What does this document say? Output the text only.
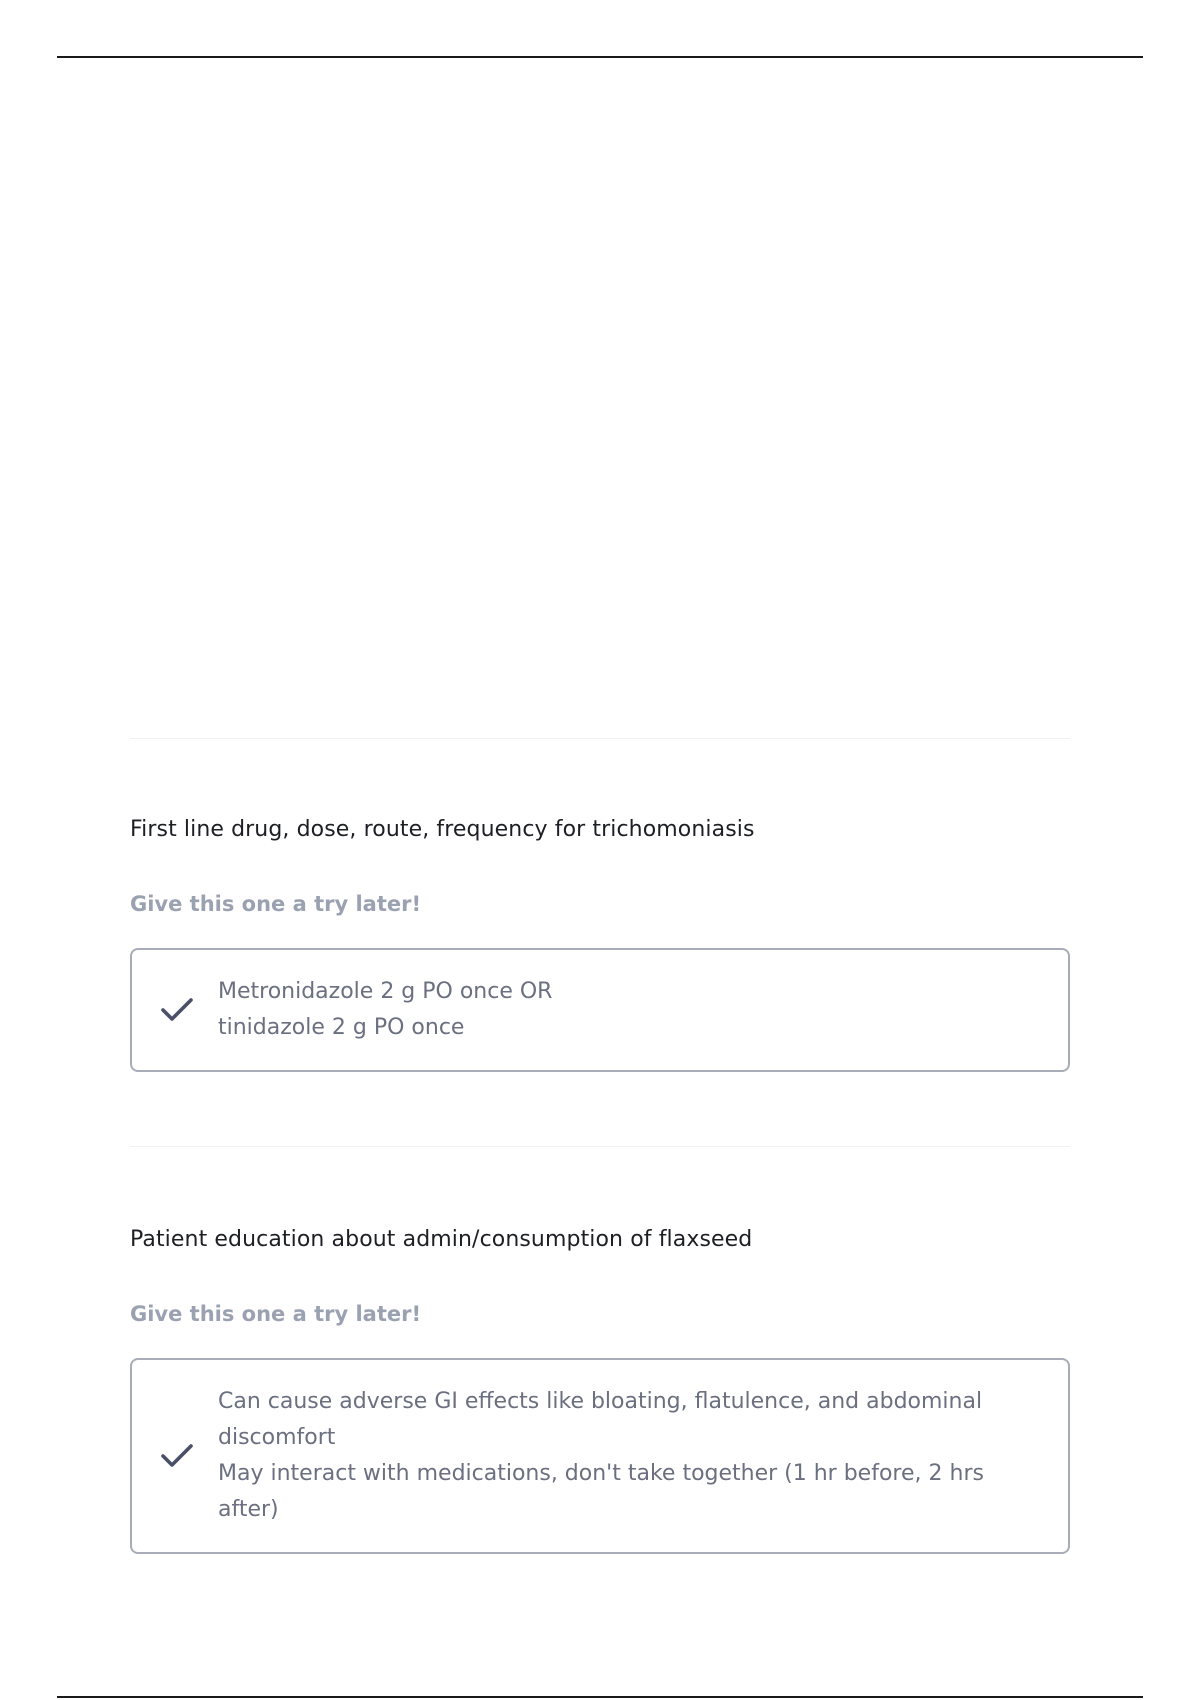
First line drug, dose, route, frequency for trichomoniasis

Give this one a try later!
Metronidazole 2 g PO once OR
tinidazole 2 g PO once

Patient education about admin/consumption of flaxseed

Give this one a try later!
Can cause adverse GI effects like bloating, flatulence, and abdominal
discomfort
May interact with medications, don't take together (1 hr before, 2 hrs after)
